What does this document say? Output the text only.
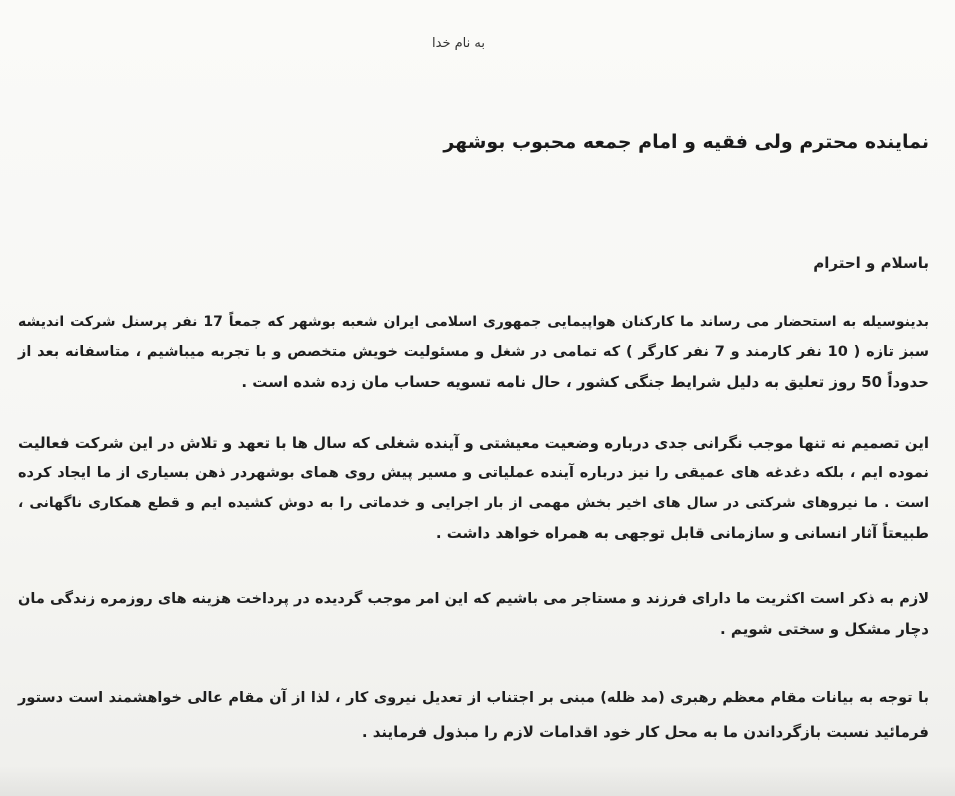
به نام خدا
نماینده محترم ولی فقیه و امام جمعه محبوب بوشهر
باسلام و احترام
بدینوسیله به استحضار می رساند ما کارکنان هواپیمایی جمهوری اسلامی ایران شعبه بوشهر که جمعاً 17 نفر پرسنل شرکت اندیشه
سبز تازه ( 10 نفر کارمند و 7 نفر کارگر ) که تمامی در شغل و مسئولیت خویش متخصص و با تجربه میباشیم ، متاسفانه بعد از
حدوداً 50 روز تعلیق به دلیل شرایط جنگی کشور ، حال نامه تسویه حساب مان زده شده است .
این تصمیم نه تنها موجب نگرانی جدی درباره وضعیت معیشتی و آینده شغلی که سال ها با تعهد و تلاش در این شرکت فعالیت
نموده ایم ، بلکه دغدغه های عمیقی را نیز درباره آینده عملیاتی و مسیر پیش روی همای بوشهردر ذهن بسیاری از ما ایجاد کرده
است . ما نیروهای شرکتی در سال های اخیر بخش مهمی از بار اجرایی و خدماتی را به دوش کشیده ایم و قطع همکاری ناگهانی ،
طبیعتاً آثار انسانی و سازمانی قابل توجهی به همراه خواهد داشت .
لازم به ذکر است اکثریت ما دارای فرزند و مستاجر می باشیم که این امر موجب گردیده در پرداخت هزینه های روزمره زندگی مان
دچار مشکل و سختی شویم .
با توجه به بیانات مقام معظم رهبری (مد ظله) مبنی بر اجتناب از تعدیل نیروی کار ، لذا از آن مقام عالی خواهشمند است دستور
فرمائید نسبت بازگرداندن ما به محل کار خود اقدامات لازم را مبذول فرمایند .
